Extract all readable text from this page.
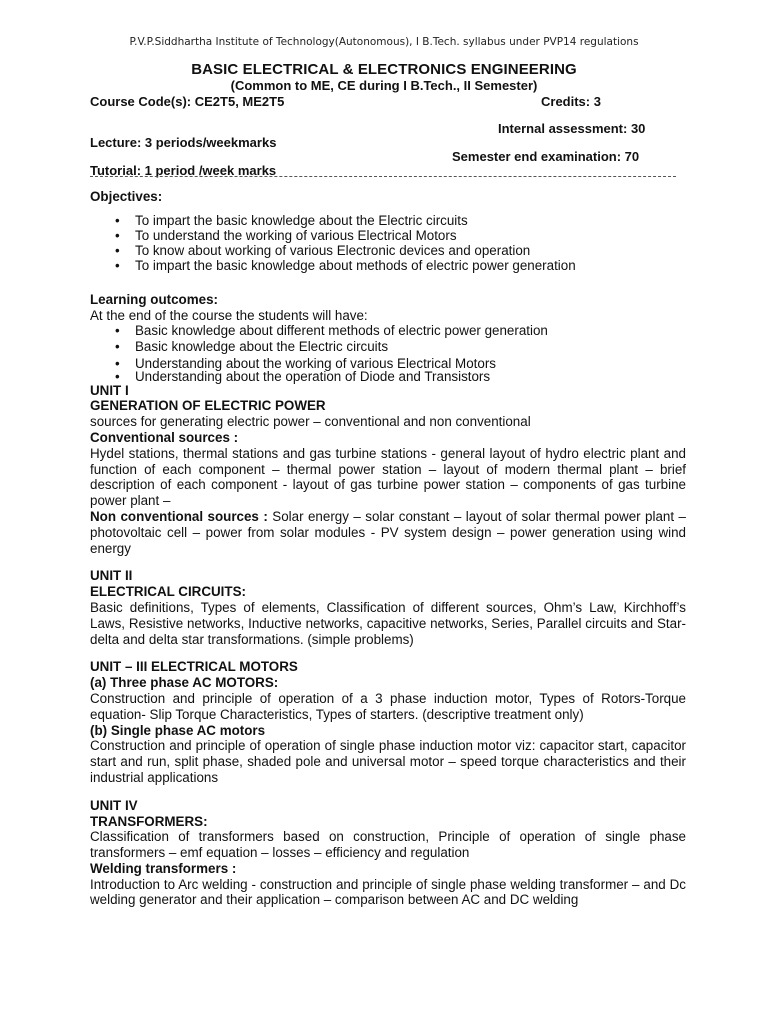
P.V.P.Siddhartha Institute of Technology(Autonomous), I B.Tech. syllabus under PVP14 regulations
BASIC ELECTRICAL & ELECTRONICS ENGINEERING
(Common to ME, CE during I B.Tech., II Semester)
Course Code(s): CE2T5, ME2T5	Credits: 3
Internal assessment: 30
Lecture: 3 periods/weekmarks
Semester end examination: 70
Tutorial: 1 period /week marks
Objectives:
• To impart the basic knowledge about the Electric circuits
• To understand the working of various Electrical Motors
• To know about working of various Electronic devices and operation
• To impart the basic knowledge about methods of electric power generation
Learning outcomes:
At the end of the course the students will have:
• Basic knowledge about different methods of electric power generation
• Basic knowledge about the Electric circuits
• Understanding about the working of various Electrical Motors
• Understanding about the operation of Diode and Transistors
UNIT I
GENERATION OF ELECTRIC POWER

sources for generating electric power – conventional and non conventional

Conventional sources :

Hydel stations, thermal stations and gas turbine stations - general layout of hydro electric plant and function of each component – thermal power station – layout of modern thermal plant – brief description of each component - layout of gas turbine power station – components of gas turbine power plant –

Non conventional sources : Solar energy – solar constant – layout of solar thermal power plant – photovoltaic cell – power from solar modules - PV system design – power generation using wind energy

UNIT II
ELECTRICAL CIRCUITS:

Basic definitions, Types of elements, Classification of different sources, Ohm’s Law, Kirchhoff’s Laws, Resistive networks, Inductive networks, capacitive networks, Series, Parallel circuits and Star-delta and delta star transformations. (simple problems)

UNIT – III ELECTRICAL MOTORS
(a) Three phase AC MOTORS:

Construction and principle of operation of a 3 phase induction motor, Types of Rotors-Torque equation- Slip Torque Characteristics, Types of starters. (descriptive treatment only)

(b) Single phase AC motors

Construction and principle of operation of single phase induction motor viz: capacitor start, capacitor start and run, split phase, shaded pole and universal motor – speed torque characteristics and their industrial applications

UNIT IV
TRANSFORMERS:

Classification of transformers based on construction, Principle of operation of single phase transformers – emf equation – losses – efficiency and regulation

Welding transformers :

Introduction to Arc welding - construction and principle of single phase welding transformer – and Dc welding generator and their application – comparison between AC and DC welding
